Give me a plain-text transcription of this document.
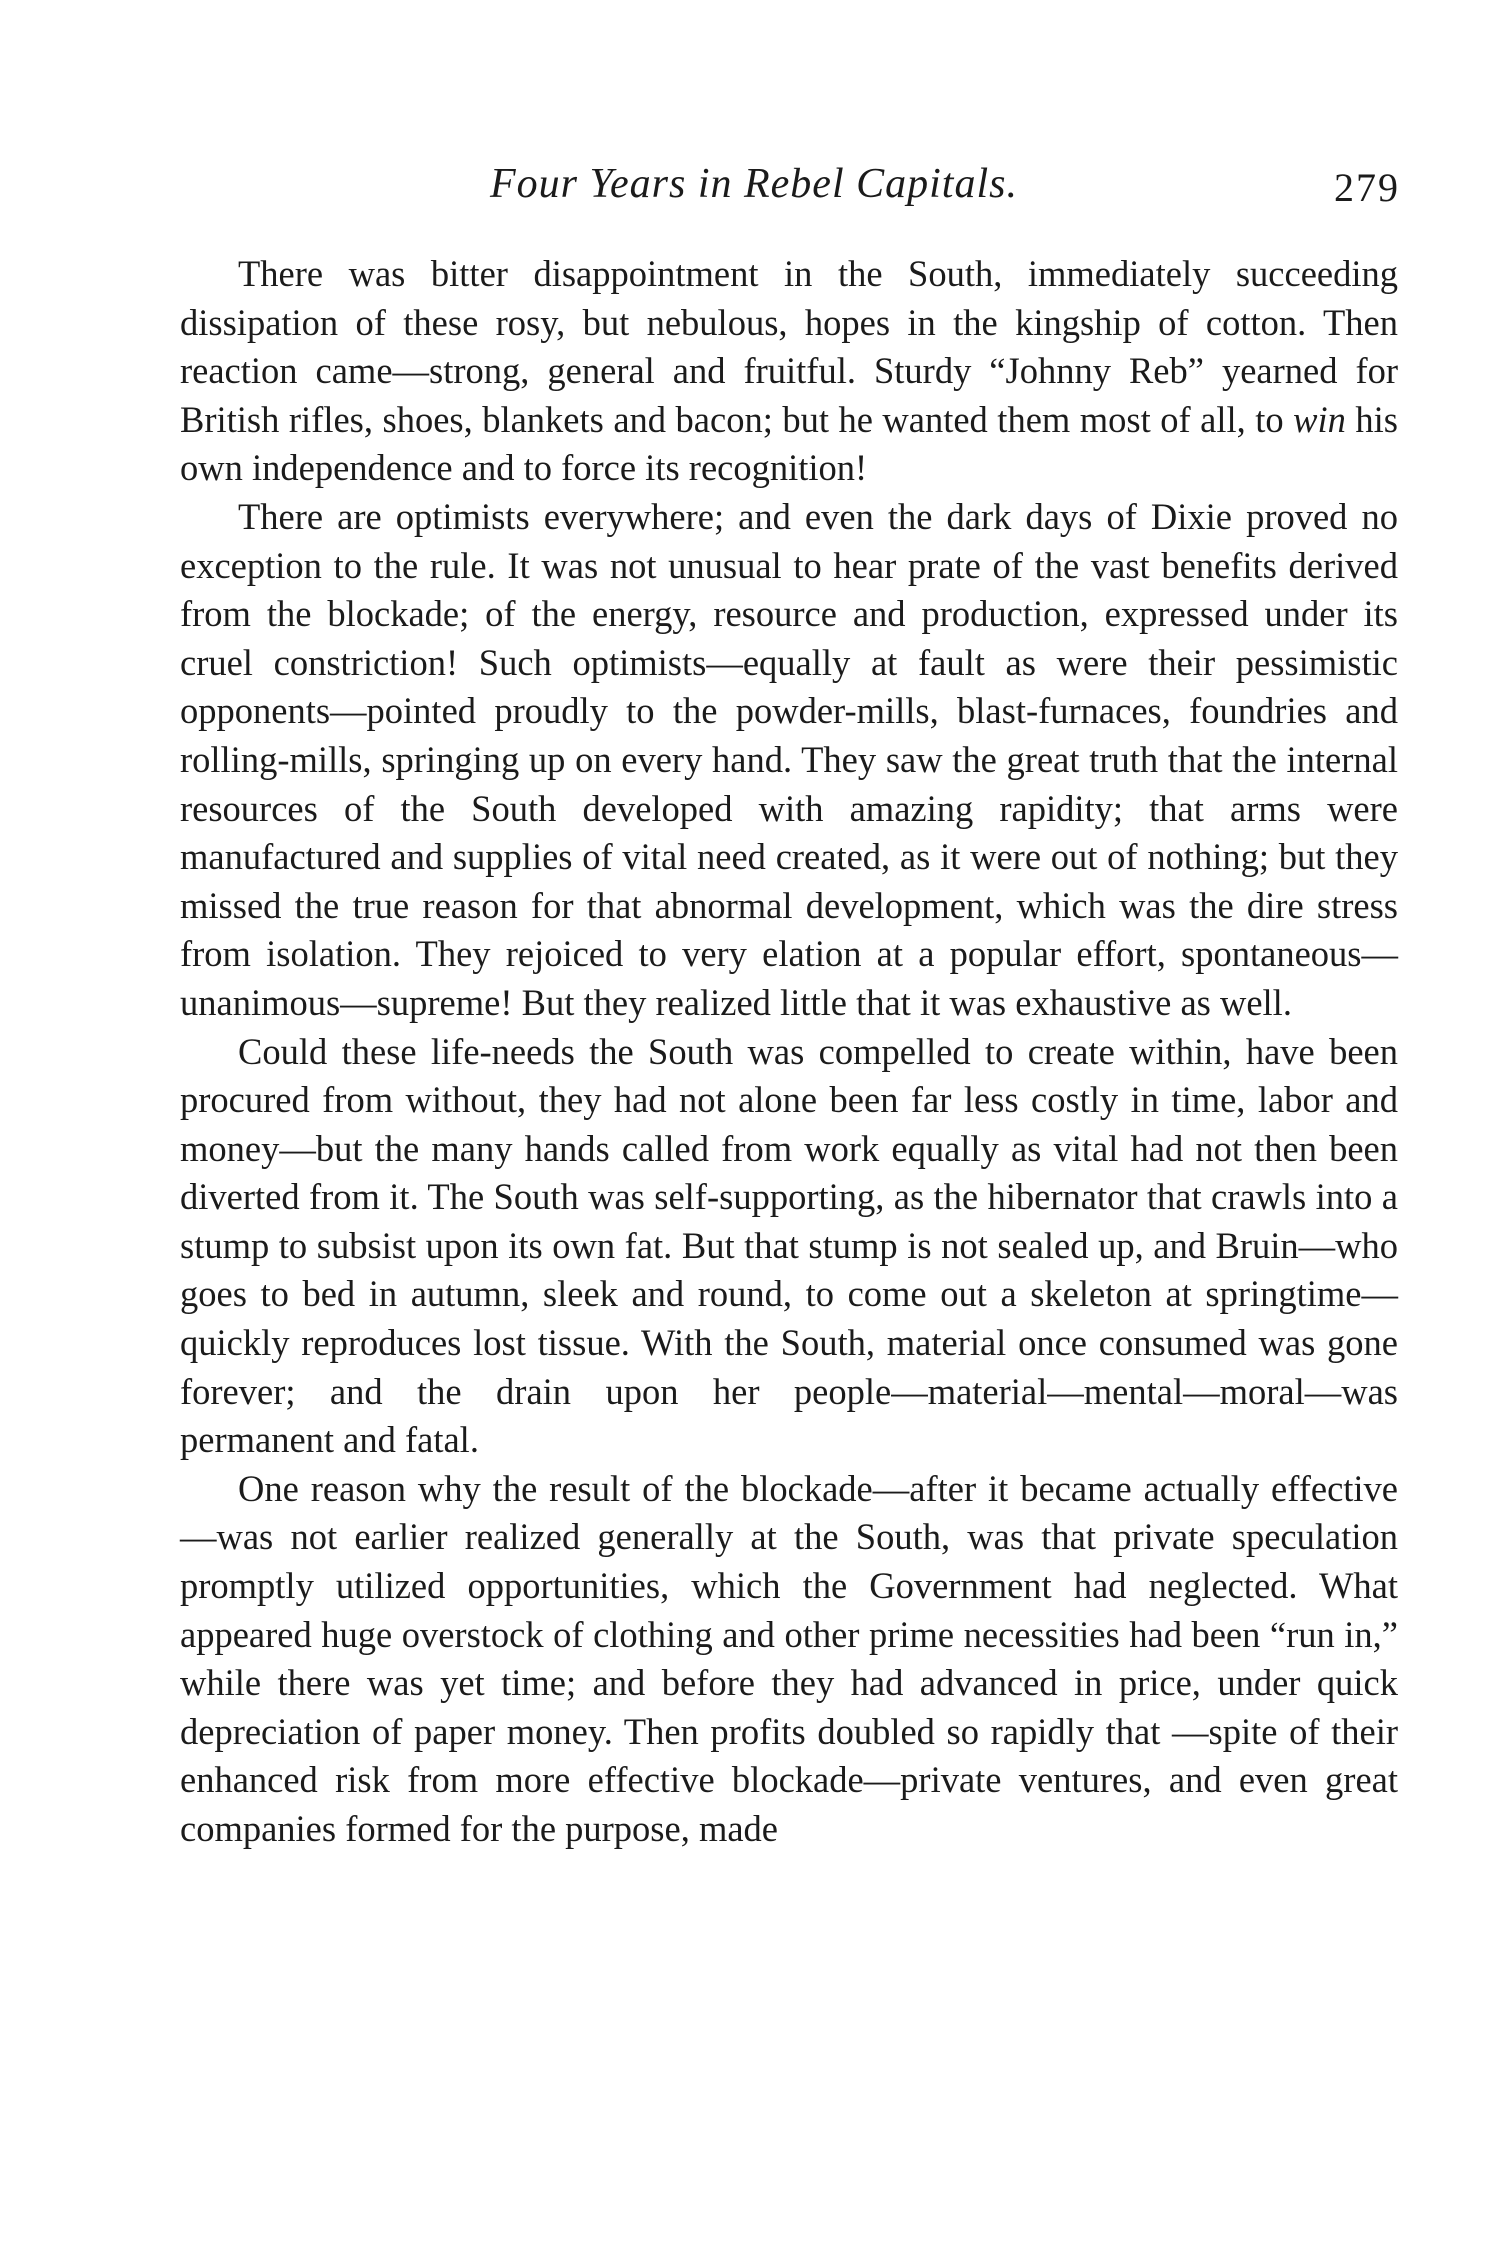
Four Years in Rebel Capitals.	279

There was bitter disappointment in the South, immediately succeeding dissipation of these rosy, but nebulous, hopes in the kingship of cotton. Then reaction came—strong, general and fruitful. Sturdy “Johnny Reb” yearned for British rifles, shoes, blankets and bacon; but he wanted them most of all, to win his own independence and to force its recognition!

There are optimists everywhere; and even the dark days of Dixie proved no exception to the rule. It was not unusual to hear prate of the vast benefits derived from the blockade; of the energy, resource and production, expressed under its cruel constriction! Such optimists—equally at fault as were their pessimistic opponents—pointed proudly to the powder-mills, blast-furnaces, foundries and rolling-mills, springing up on every hand. They saw the great truth that the internal resources of the South developed with amazing rapidity; that arms were manufactured and supplies of vital need created, as it were out of nothing; but they missed the true reason for that abnormal development, which was the dire stress from isolation. They rejoiced to very elation at a popular effort, spontaneous—unanimous—supreme! But they realized little that it was exhaustive as well.

Could these life-needs the South was compelled to create within, have been procured from without, they had not alone been far less costly in time, labor and money—but the many hands called from work equally as vital had not then been diverted from it. The South was self-supporting, as the hibernator that crawls into a stump to subsist upon its own fat. But that stump is not sealed up, and Bruin—who goes to bed in autumn, sleek and round, to come out a skeleton at springtime—quickly reproduces lost tissue. With the South, material once consumed was gone forever; and the drain upon her people—material—mental—moral—was permanent and fatal.

One reason why the result of the blockade—after it became actually effective—was not earlier realized generally at the South, was that private speculation promptly utilized opportunities, which the Government had neglected. What appeared huge overstock of clothing and other prime necessities had been “run in,” while there was yet time; and before they had advanced in price, under quick depreciation of paper money. Then profits doubled so rapidly that —spite of their enhanced risk from more effective blockade—private ventures, and even great companies formed for the purpose, made
